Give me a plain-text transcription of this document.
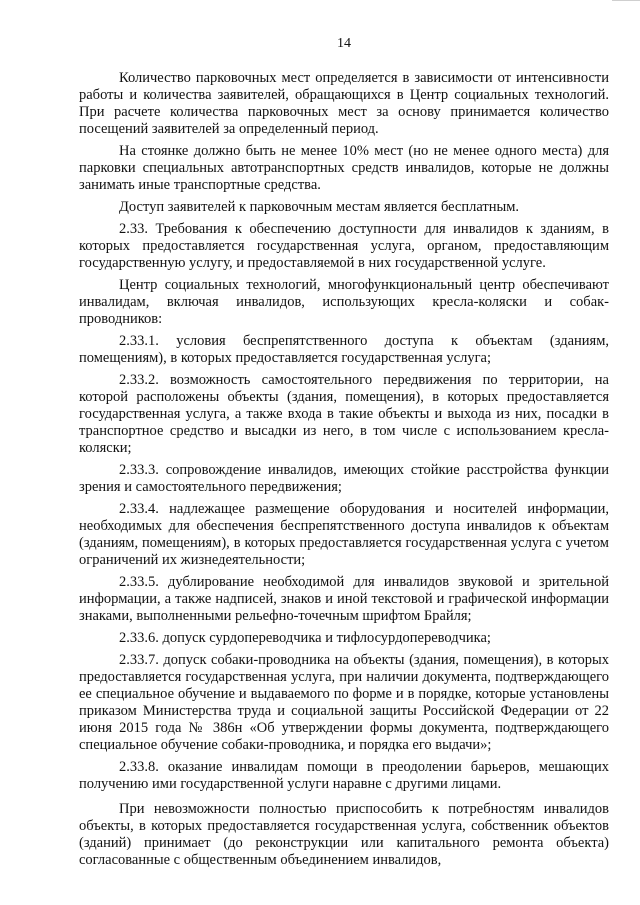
14

Количество парковочных мест определяется в зависимости от интенсивности работы и количества заявителей, обращающихся в Центр социальных технологий. При расчете количества парковочных мест за основу принимается количество посещений заявителей за определенный период.

На стоянке должно быть не менее 10% мест (но не менее одного места) для парковки специальных автотранспортных средств инвалидов, которые не должны занимать иные транспортные средства.

Доступ заявителей к парковочным местам является бесплатным.

2.33. Требования к обеспечению доступности для инвалидов к зданиям, в которых предоставляется государственная услуга, органом, предоставляющим государственную услугу, и предоставляемой в них государственной услуге.

Центр социальных технологий, многофункциональный центр обеспечивают инвалидам, включая инвалидов, использующих кресла-коляски и собак-проводников:

2.33.1. условия беспрепятственного доступа к объектам (зданиям, помещениям), в которых предоставляется государственная услуга;

2.33.2. возможность самостоятельного передвижения по территории, на которой расположены объекты (здания, помещения), в которых предоставляется государственная услуга, а также входа в такие объекты и выхода из них, посадки в транспортное средство и высадки из него, в том числе с использованием кресла-коляски;

2.33.3. сопровождение инвалидов, имеющих стойкие расстройства функции зрения и самостоятельного передвижения;

2.33.4. надлежащее размещение оборудования и носителей информации, необходимых для обеспечения беспрепятственного доступа инвалидов к объектам (зданиям, помещениям), в которых предоставляется государственная услуга с учетом ограничений их жизнедеятельности;

2.33.5. дублирование необходимой для инвалидов звуковой и зрительной информации, а также надписей, знаков и иной текстовой и графической информации знаками, выполненными рельефно-точечным шрифтом Брайля;

2.33.6. допуск сурдопереводчика и тифлосурдопереводчика;

2.33.7. допуск собаки-проводника на объекты (здания, помещения), в которых предоставляется государственная услуга, при наличии документа, подтверждающего ее специальное обучение и выдаваемого по форме и в порядке, которые установлены приказом Министерства труда и социальной защиты Российской Федерации от 22 июня 2015 года № 386н «Об утверждении формы документа, подтверждающего специальное обучение собаки-проводника, и порядка его выдачи»;

2.33.8. оказание инвалидам помощи в преодолении барьеров, мешающих получению ими государственной услуги наравне с другими лицами.

При невозможности полностью приспособить к потребностям инвалидов объекты, в которых предоставляется государственная услуга, собственник объектов (зданий) принимает (до реконструкции или капитального ремонта объекта) согласованные с общественным объединением инвалидов,
